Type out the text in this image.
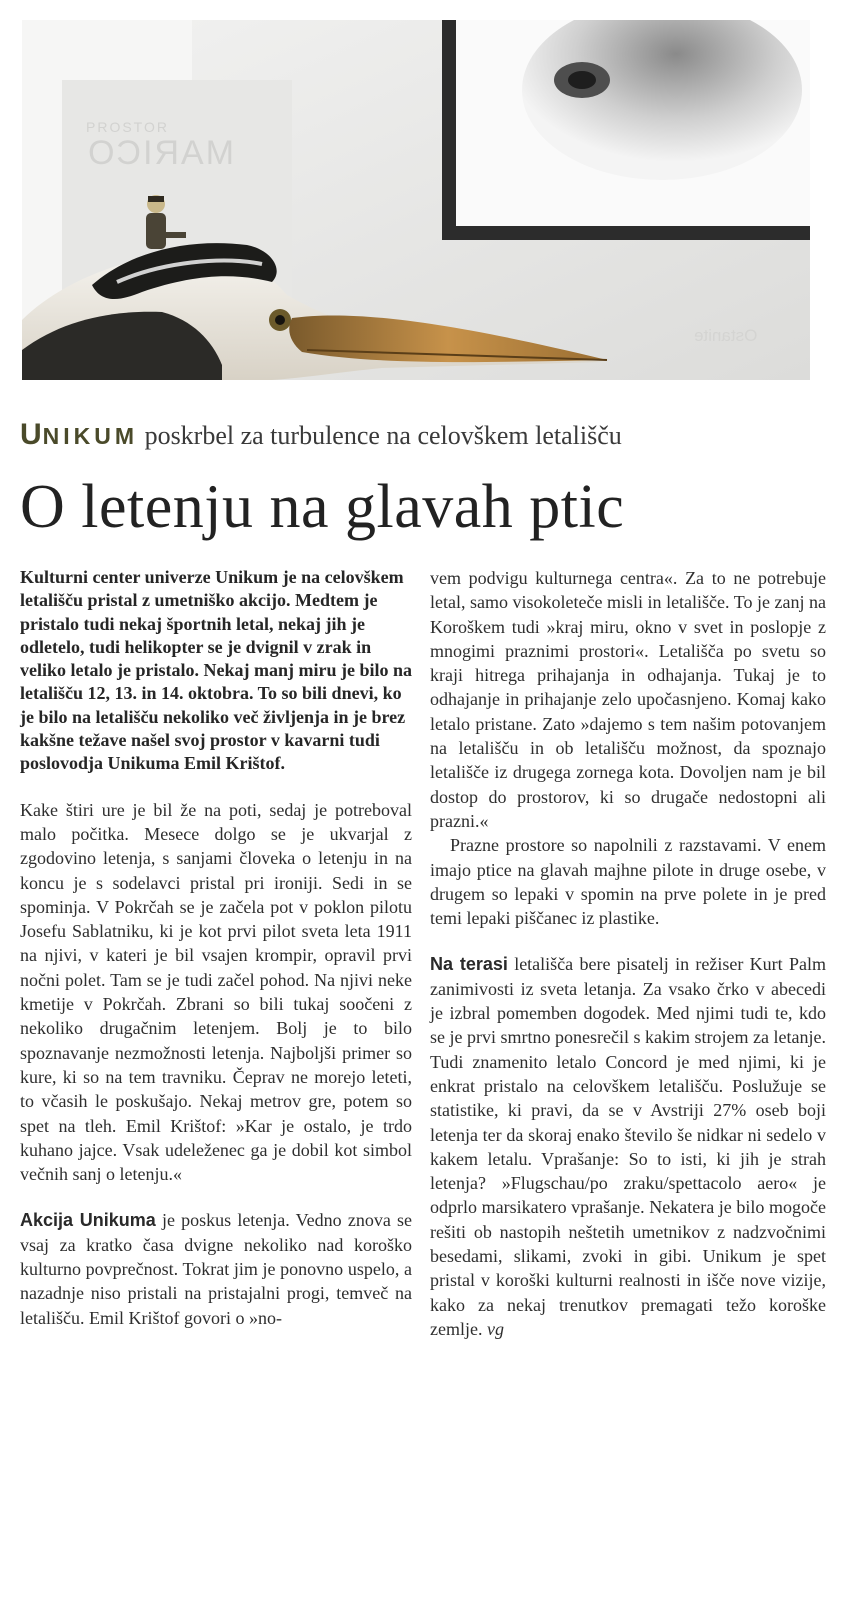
PROSTOR
MARICO
Ostanite
UNIKUM poskrbel za turbulence na celovškem letališču
O letenju na glavah ptic

Kulturni center univerze Unikum je na celovškem letališču pristal z umetniško akcijo. Medtem je pristalo tudi nekaj športnih letal, nekaj jih je odletelo, tudi helikopter se je dvignil v zrak in veliko letalo je pristalo. Nekaj manj miru je bilo na letališču 12, 13. in 14. oktobra. To so bili dnevi, ko je bilo na letališču nekoliko več življenja in je brez kakšne težave našel svoj prostor v kavarni tudi poslovodja Unikuma Emil Krištof.

Kake štiri ure je bil že na poti, sedaj je potreboval malo počitka. Mesece dolgo se je ukvarjal z zgodovino letenja, s sanjami človeka o letenju in na koncu je s sodelavci pristal pri ironiji. Sedi in se spominja. V Pokrčah se je začela pot v poklon pilotu Josefu Sablatniku, ki je kot prvi pilot sveta leta 1911 na njivi, v kateri je bil vsajen krompir, opravil prvi nočni polet. Tam se je tudi začel pohod. Na njivi neke kmetije v Pokrčah. Zbrani so bili tukaj soočeni z nekoliko drugačnim letenjem. Bolj je to bilo spoznavanje nezmožnosti letenja. Najboljši primer so kure, ki so na tem travniku. Čeprav ne morejo leteti, to včasih le poskušajo. Nekaj metrov gre, potem so spet na tleh. Emil Krištof: »Kar je ostalo, je trdo kuhano jajce. Vsak udeleženec ga je dobil kot simbol večnih sanj o letenju.«

Akcija Unikuma je poskus letenja. Vedno znova se vsaj za kratko časa dvigne nekoliko nad koroško kulturno povprečnost. Tokrat jim je ponovno uspelo, a nazadnje niso pristali na pristajalni progi, temveč na letališču. Emil Krištof govori o »no-

vem podvigu kulturnega centra«. Za to ne potrebuje letal, samo visokoleteče misli in letališče. To je zanj na Koroškem tudi »kraj miru, okno v svet in poslopje z mnogimi praznimi prostori«. Letališča po svetu so kraji hitrega prihajanja in odhajanja. Tukaj je to odhajanje in prihajanje zelo upočasnjeno. Komaj kako letalo pristane. Zato »dajemo s tem našim potovanjem na letališču in ob letališču možnost, da spoznajo letališče iz drugega zornega kota. Dovoljen nam je bil dostop do prostorov, ki so drugače nedostopni ali prazni.«

Prazne prostore so napolnili z razstavami. V enem imajo ptice na glavah majhne pilote in druge osebe, v drugem so lepaki v spomin na prve polete in je pred temi lepaki piščanec iz plastike.

Na terasi letališča bere pisatelj in režiser Kurt Palm zanimivosti iz sveta letanja. Za vsako črko v abecedi je izbral pomemben dogodek. Med njimi tudi te, kdo se je prvi smrtno ponesrečil s kakim strojem za letanje. Tudi znamenito letalo Concord je med njimi, ki je enkrat pristalo na celovškem letališču. Poslužuje se statistike, ki pravi, da se v Avstriji 27% oseb boji letenja ter da skoraj enako število še nidkar ni sedelo v kakem letalu. Vprašanje: So to isti, ki jih je strah letenja? »Flugschau/po zraku/spettacolo aero« je odprlo marsikatero vprašanje. Nekatera je bilo mogoče rešiti ob nastopih neštetih umetnikov z nadzvočnimi besedami, slikami, zvoki in gibi. Unikum je spet pristal v koroški kulturni realnosti in išče nove vizije, kako za nekaj trenutkov premagati težo koroške zemlje. vg
